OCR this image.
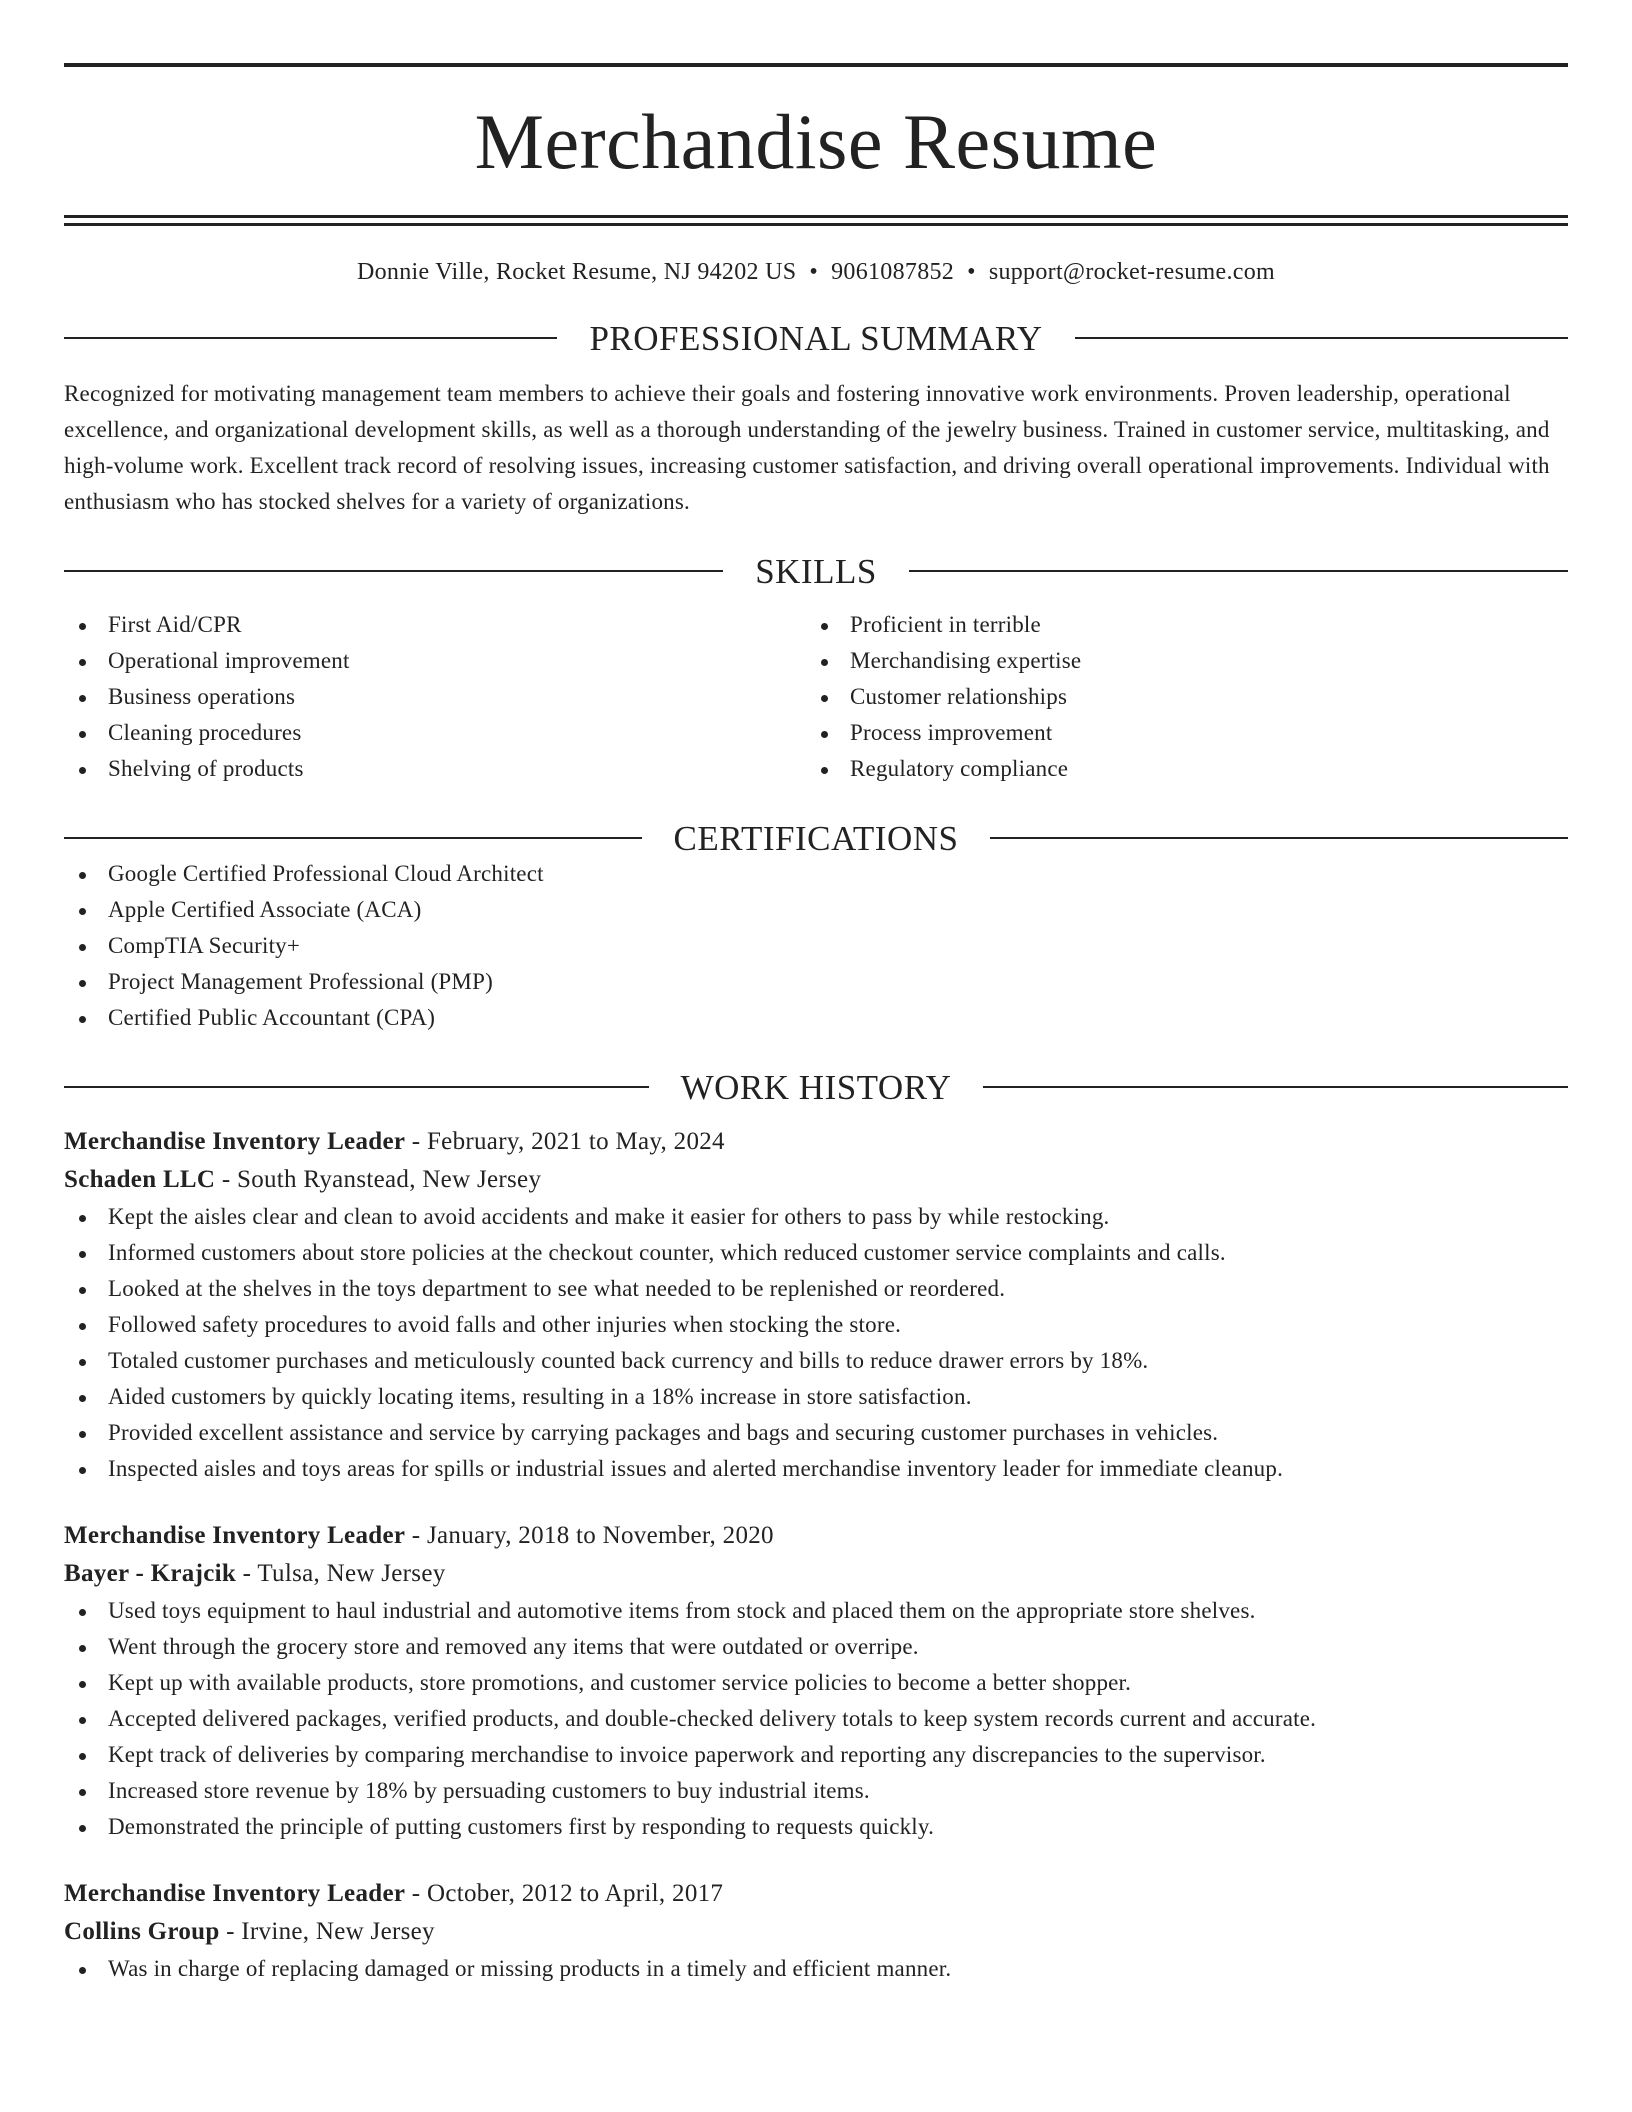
Merchandise Resume
Donnie Ville, Rocket Resume, NJ 94202 US • 9061087852 • support@rocket-resume.com
PROFESSIONAL SUMMARY
Recognized for motivating management team members to achieve their goals and fostering innovative work environments. Proven leadership, operational excellence, and organizational development skills, as well as a thorough understanding of the jewelry business. Trained in customer service, multitasking, and high-volume work. Excellent track record of resolving issues, increasing customer satisfaction, and driving overall operational improvements. Individual with enthusiasm who has stocked shelves for a variety of organizations.
SKILLS
First Aid/CPR
Operational improvement
Business operations
Cleaning procedures
Shelving of products
Proficient in terrible
Merchandising expertise
Customer relationships
Process improvement
Regulatory compliance
CERTIFICATIONS
Google Certified Professional Cloud Architect
Apple Certified Associate (ACA)
CompTIA Security+
Project Management Professional (PMP)
Certified Public Accountant (CPA)
WORK HISTORY
Merchandise Inventory Leader - February, 2021 to May, 2024
Schaden LLC - South Ryanstead, New Jersey
Kept the aisles clear and clean to avoid accidents and make it easier for others to pass by while restocking.
Informed customers about store policies at the checkout counter, which reduced customer service complaints and calls.
Looked at the shelves in the toys department to see what needed to be replenished or reordered.
Followed safety procedures to avoid falls and other injuries when stocking the store.
Totaled customer purchases and meticulously counted back currency and bills to reduce drawer errors by 18%.
Aided customers by quickly locating items, resulting in a 18% increase in store satisfaction.
Provided excellent assistance and service by carrying packages and bags and securing customer purchases in vehicles.
Inspected aisles and toys areas for spills or industrial issues and alerted merchandise inventory leader for immediate cleanup.
Merchandise Inventory Leader - January, 2018 to November, 2020
Bayer - Krajcik - Tulsa, New Jersey
Used toys equipment to haul industrial and automotive items from stock and placed them on the appropriate store shelves.
Went through the grocery store and removed any items that were outdated or overripe.
Kept up with available products, store promotions, and customer service policies to become a better shopper.
Accepted delivered packages, verified products, and double-checked delivery totals to keep system records current and accurate.
Kept track of deliveries by comparing merchandise to invoice paperwork and reporting any discrepancies to the supervisor.
Increased store revenue by 18% by persuading customers to buy industrial items.
Demonstrated the principle of putting customers first by responding to requests quickly.
Merchandise Inventory Leader - October, 2012 to April, 2017
Collins Group - Irvine, New Jersey
Was in charge of replacing damaged or missing products in a timely and efficient manner.
